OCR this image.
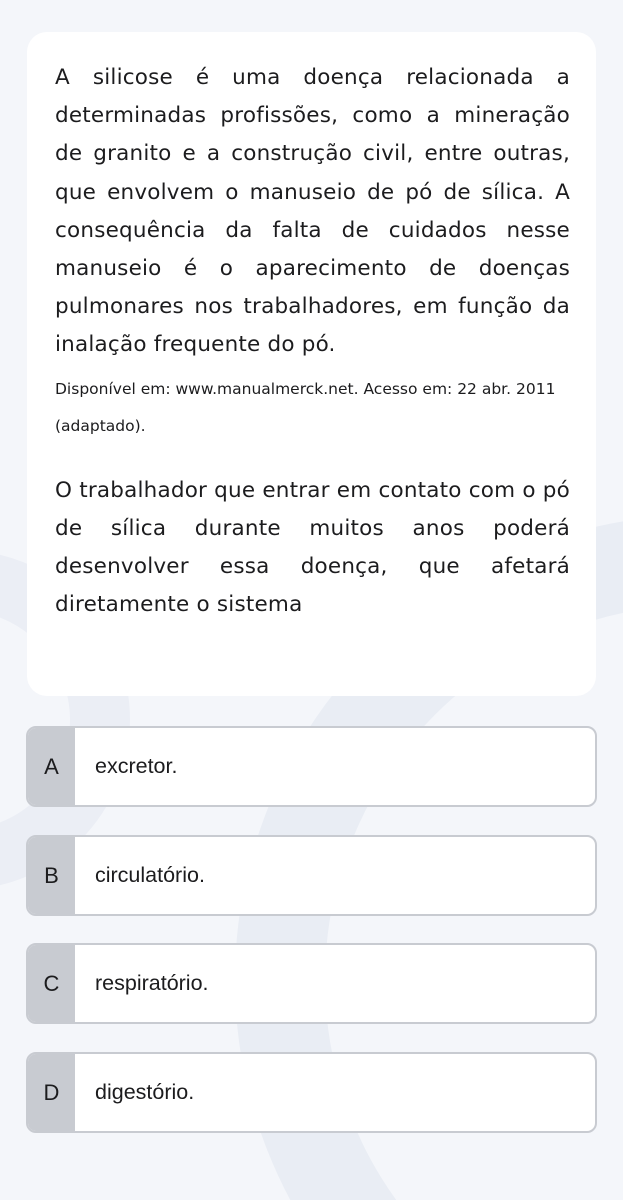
A silicose é uma doença relacionada a determinadas profissões, como a mineração de granito e a construção civil, entre outras, que envolvem o manuseio de pó de sílica. A consequência da falta de cuidados nesse manuseio é o aparecimento de doenças pulmonares nos trabalhadores, em função da inalação frequente do pó.

Disponível em: www.manualmerck.net. Acesso em: 22 abr. 2011 (adaptado).

O trabalhador que entrar em contato com o pó de sílica durante muitos anos poderá desenvolver essa doença, que afetará diretamente o sistema

A	excretor.
B	circulatório.
C	respiratório.
D	digestório.
